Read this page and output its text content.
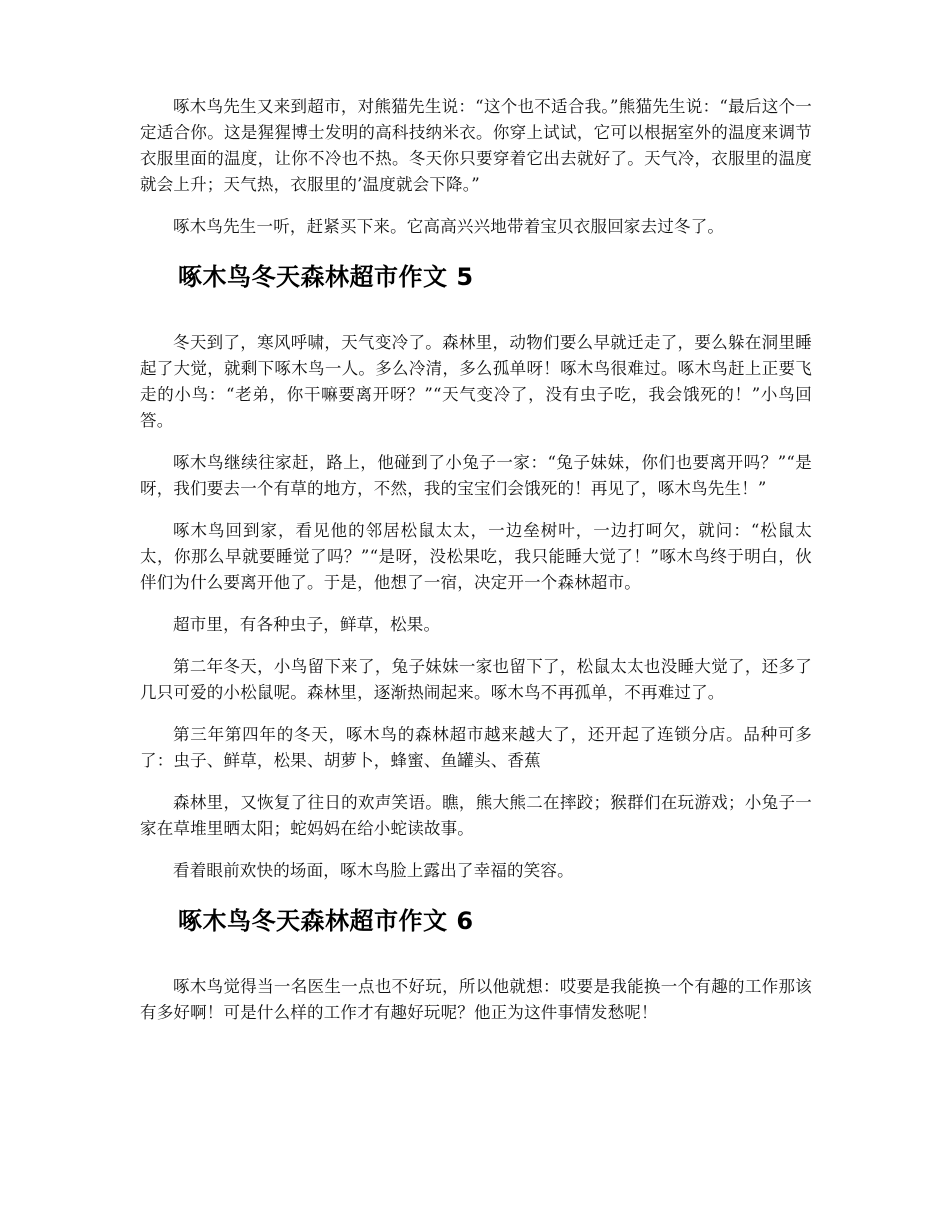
啄木鸟先生又来到超市，对熊猫先生说：“这个也不适合我。”熊猫先生说：“最后这个一定适合你。这是猩猩博士发明的高科技纳米衣。你穿上试试，它可以根据室外的温度来调节衣服里面的温度，让你不冷也不热。冬天你只要穿着它出去就好了。天气冷，衣服里的温度就会上升；天气热，衣服里的’温度就会下降。”

啄木鸟先生一听，赶紧买下来。它高高兴兴地带着宝贝衣服回家去过冬了。

啄木鸟冬天森林超市作文 5

冬天到了，寒风呼啸，天气变冷了。森林里，动物们要么早就迁走了，要么躲在洞里睡起了大觉，就剩下啄木鸟一人。多么冷清，多么孤单呀！啄木鸟很难过。啄木鸟赶上正要飞走的小鸟：“老弟，你干嘛要离开呀？”“天气变冷了，没有虫子吃，我会饿死的！”小鸟回答。

啄木鸟继续往家赶，路上，他碰到了小兔子一家：“兔子妹妹，你们也要离开吗？”“是呀，我们要去一个有草的地方，不然，我的宝宝们会饿死的！再见了，啄木鸟先生！”

啄木鸟回到家，看见他的邻居松鼠太太，一边垒树叶，一边打呵欠，就问：“松鼠太太，你那么早就要睡觉了吗？”“是呀，没松果吃，我只能睡大觉了！”啄木鸟终于明白，伙伴们为什么要离开他了。于是，他想了一宿，决定开一个森林超市。

超市里，有各种虫子，鲜草，松果。

第二年冬天，小鸟留下来了，兔子妹妹一家也留下了，松鼠太太也没睡大觉了，还多了几只可爱的小松鼠呢。森林里，逐渐热闹起来。啄木鸟不再孤单，不再难过了。

第三年第四年的冬天，啄木鸟的森林超市越来越大了，还开起了连锁分店。品种可多了：虫子、鲜草，松果、胡萝卜，蜂蜜、鱼罐头、香蕉

森林里，又恢复了往日的欢声笑语。瞧，熊大熊二在摔跤；猴群们在玩游戏；小兔子一家在草堆里晒太阳；蛇妈妈在给小蛇读故事。

看着眼前欢快的场面，啄木鸟脸上露出了幸福的笑容。

啄木鸟冬天森林超市作文 6

啄木鸟觉得当一名医生一点也不好玩，所以他就想：哎要是我能换一个有趣的工作那该有多好啊！可是什么样的工作才有趣好玩呢？他正为这件事情发愁呢！
